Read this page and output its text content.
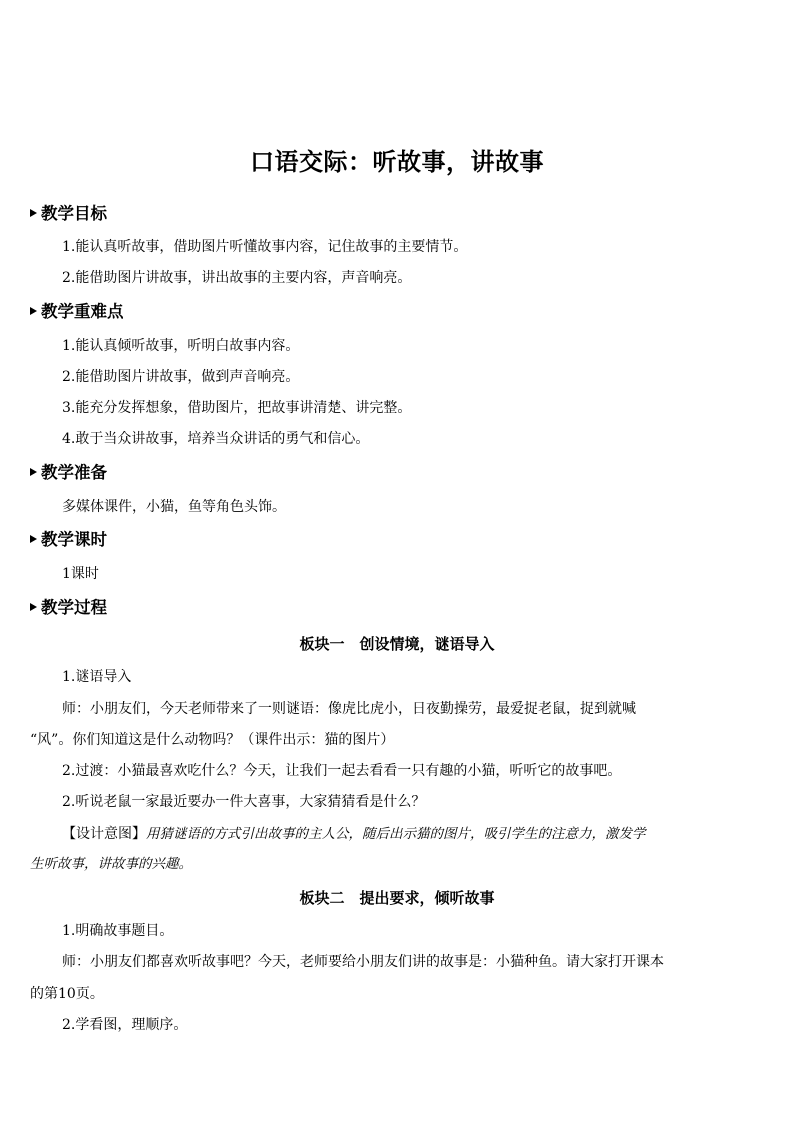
口语交际：听故事，讲故事
教学目标
1.能认真听故事，借助图片听懂故事内容，记住故事的主要情节。
2.能借助图片讲故事，讲出故事的主要内容，声音响亮。
教学重难点
1.能认真倾听故事，听明白故事内容。
2.能借助图片讲故事，做到声音响亮。
3.能充分发挥想象，借助图片，把故事讲清楚、讲完整。
4.敢于当众讲故事，培养当众讲话的勇气和信心。
教学准备
多媒体课件，小猫，鱼等角色头饰。
教学课时
1课时
教学过程
板块一　创设情境，谜语导入
1.谜语导入
师：小朋友们，今天老师带来了一则谜语：像虎比虎小，日夜勤操劳，最爱捉老鼠，捉到就喊
“风”。你们知道这是什么动物吗？（课件出示：猫的图片）
2.过渡：小猫最喜欢吃什么？今天，让我们一起去看看一只有趣的小猫，听听它的故事吧。
2.听说老鼠一家最近要办一件大喜事，大家猜猜看是什么？
【设计意图】用猜谜语的方式引出故事的主人公，随后出示猫的图片，吸引学生的注意力，激发学
生听故事，讲故事的兴趣。
板块二　提出要求，倾听故事
1.明确故事题目。
师：小朋友们都喜欢听故事吧？今天，老师要给小朋友们讲的故事是：小猫种鱼。请大家打开课本
的第10页。
2.学看图，理顺序。
